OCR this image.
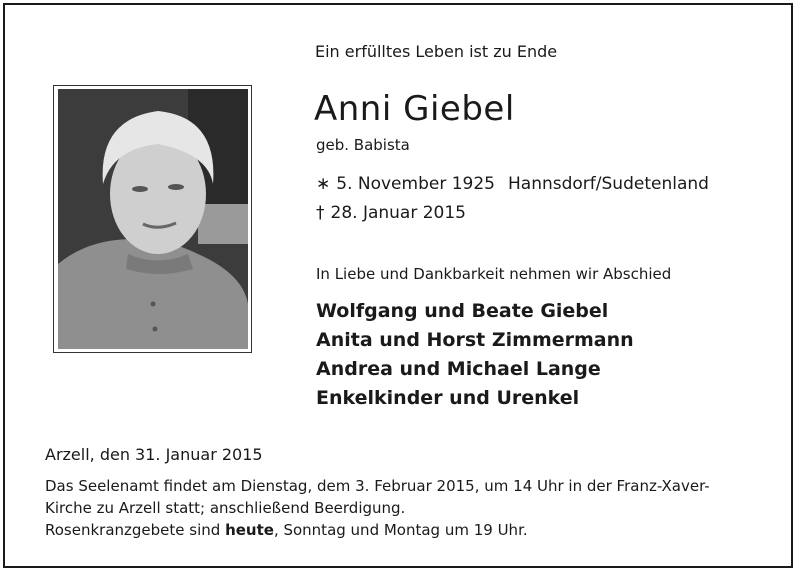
Ein erfülltes Leben ist zu Ende
Anni Giebel
geb. Babista
∗ 5. November 1925 Hannsdorf/Sudetenland
† 28. Januar 2015
In Liebe und Dankbarkeit nehmen wir Abschied
Wolfgang und Beate Giebel
Anita und Horst Zimmermann
Andrea und Michael Lange
Enkelkinder und Urenkel
Arzell, den 31. Januar 2015
Das Seelenamt findet am Dienstag, dem 3. Februar 2015, um 14 Uhr in der Franz-Xaver-
Kirche zu Arzell statt; anschließend Beerdigung.
Rosenkranzgebete sind heute, Sonntag und Montag um 19 Uhr.
